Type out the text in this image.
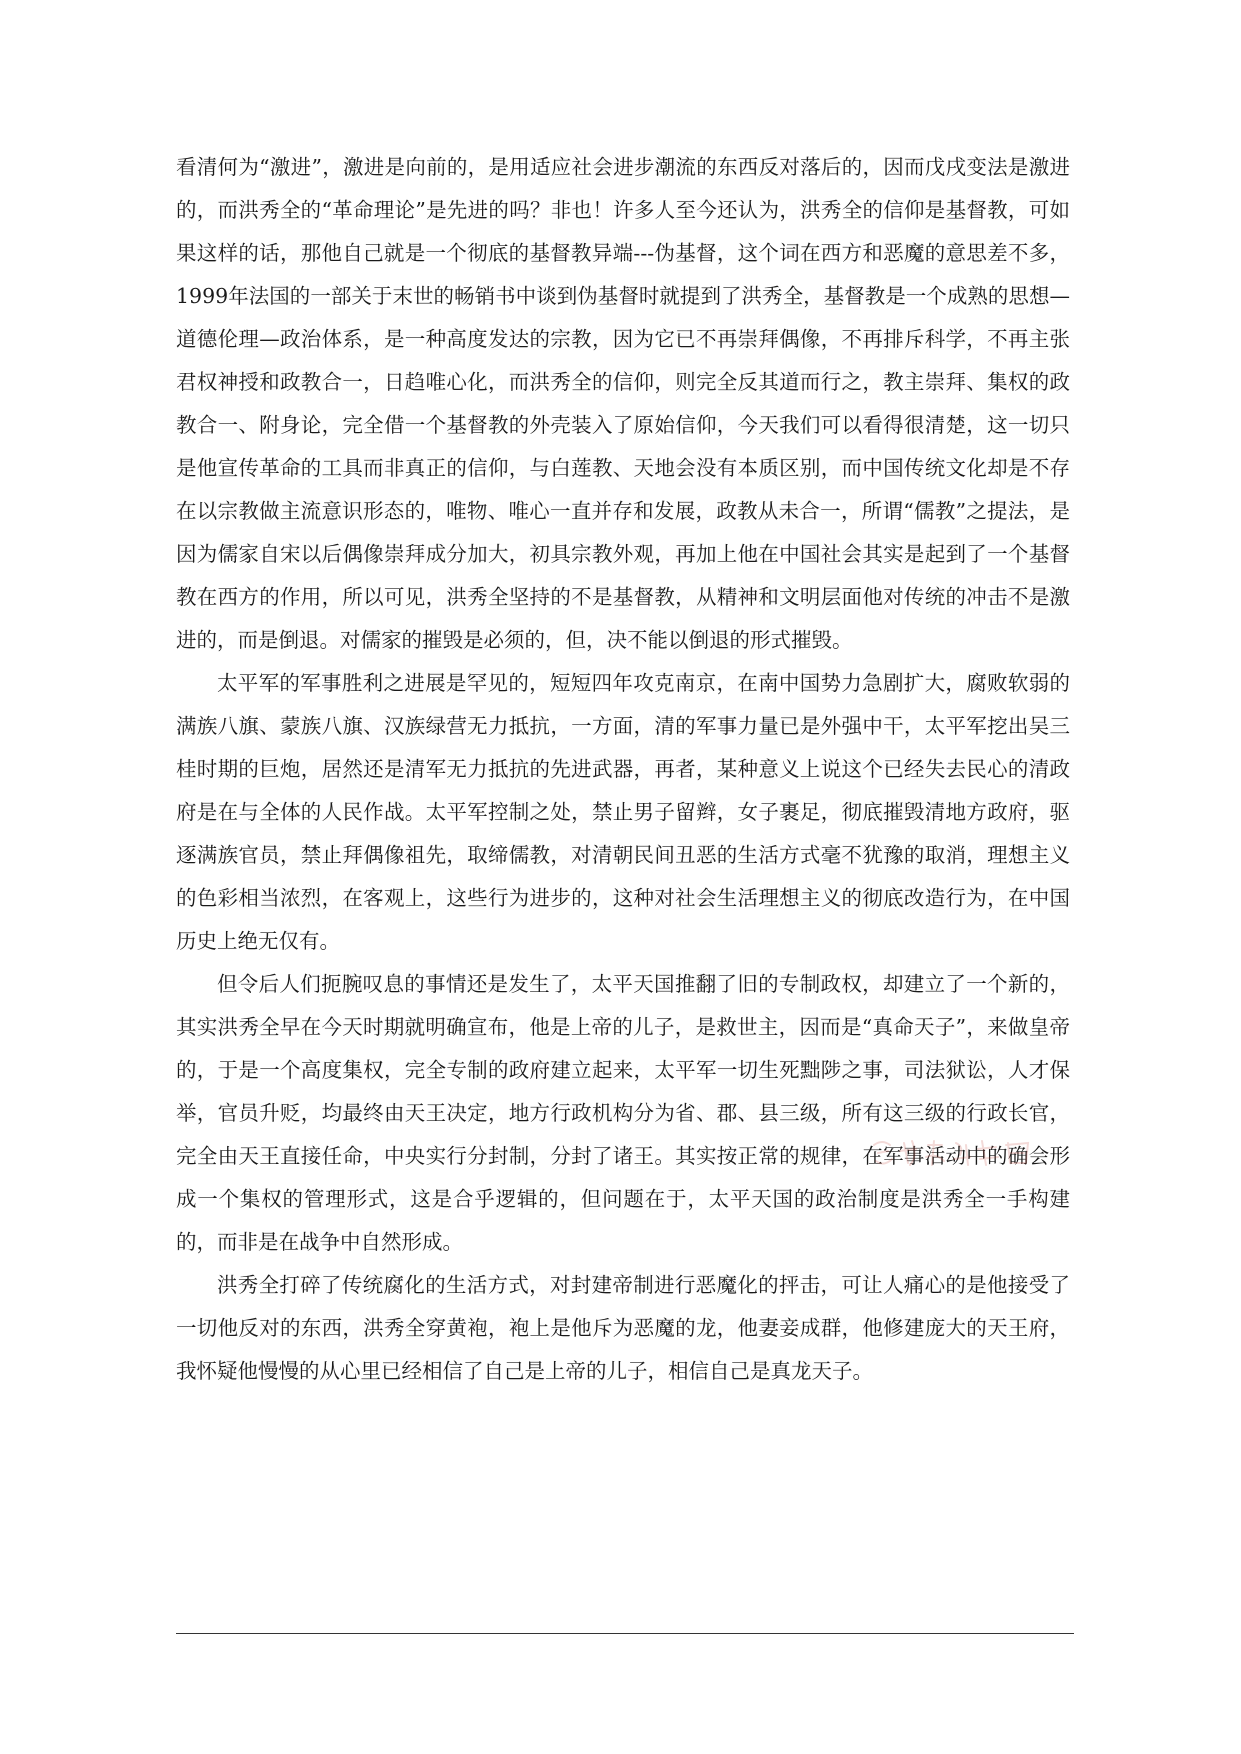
看清何为“激进”，激进是向前的，是用适应社会进步潮流的东西反对落后的，因而戊戌变法是激进的，而洪秀全的“革命理论”是先进的吗？非也！许多人至今还认为，洪秀全的信仰是基督教，可如果这样的话，那他自己就是一个彻底的基督教异端---伪基督，这个词在西方和恶魔的意思差不多，1999年法国的一部关于末世的畅销书中谈到伪基督时就提到了洪秀全，基督教是一个成熟的思想—道德伦理—政治体系，是一种高度发达的宗教，因为它已不再崇拜偶像，不再排斥科学，不再主张君权神授和政教合一，日趋唯心化，而洪秀全的信仰，则完全反其道而行之，教主崇拜、集权的政教合一、附身论，完全借一个基督教的外壳装入了原始信仰，今天我们可以看得很清楚，这一切只是他宣传革命的工具而非真正的信仰，与白莲教、天地会没有本质区别，而中国传统文化却是不存在以宗教做主流意识形态的，唯物、唯心一直并存和发展，政教从未合一，所谓“儒教”之提法，是因为儒家自宋以后偶像崇拜成分加大，初具宗教外观，再加上他在中国社会其实是起到了一个基督教在西方的作用，所以可见，洪秀全坚持的不是基督教，从精神和文明层面他对传统的冲击不是激进的，而是倒退。对儒家的摧毁是必须的，但，决不能以倒退的形式摧毁。

太平军的军事胜利之进展是罕见的，短短四年攻克南京，在南中国势力急剧扩大，腐败软弱的满族八旗、蒙族八旗、汉族绿营无力抵抗，一方面，清的军事力量已是外强中干，太平军挖出吴三桂时期的巨炮，居然还是清军无力抵抗的先进武器，再者，某种意义上说这个已经失去民心的清政府是在与全体的人民作战。太平军控制之处，禁止男子留辫，女子裹足，彻底摧毁清地方政府，驱逐满族官员，禁止拜偶像祖先，取缔儒教，对清朝民间丑恶的生活方式毫不犹豫的取消，理想主义的色彩相当浓烈，在客观上，这些行为进步的，这种对社会生活理想主义的彻底改造行为，在中国历史上绝无仅有。

但令后人们扼腕叹息的事情还是发生了，太平天国推翻了旧的专制政权，却建立了一个新的，其实洪秀全早在今天时期就明确宣布，他是上帝的儿子，是救世主，因而是“真命天子”，来做皇帝的，于是一个高度集权，完全专制的政府建立起来，太平军一切生死黜陟之事，司法狱讼，人才保举，官员升贬，均最终由天王决定，地方行政机构分为省、郡、县三级，所有这三级的行政长官，完全由天王直接任命，中央实行分封制，分封了诸王。其实按正常的规律，在军事活动中的确会形成一个集权的管理形式，这是合乎逻辑的，但问题在于，太平天国的政治制度是洪秀全一手构建的，而非是在战争中自然形成。

洪秀全打碎了传统腐化的生活方式，对封建帝制进行恶魔化的抨击，可让人痛心的是他接受了一切他反对的东西，洪秀全穿黄袍，袍上是他斥为恶魔的龙，他妻妾成群，他修建庞大的天王府，我怀疑他慢慢的从心里已经相信了自己是上帝的儿子，相信自己是真龙天子。
